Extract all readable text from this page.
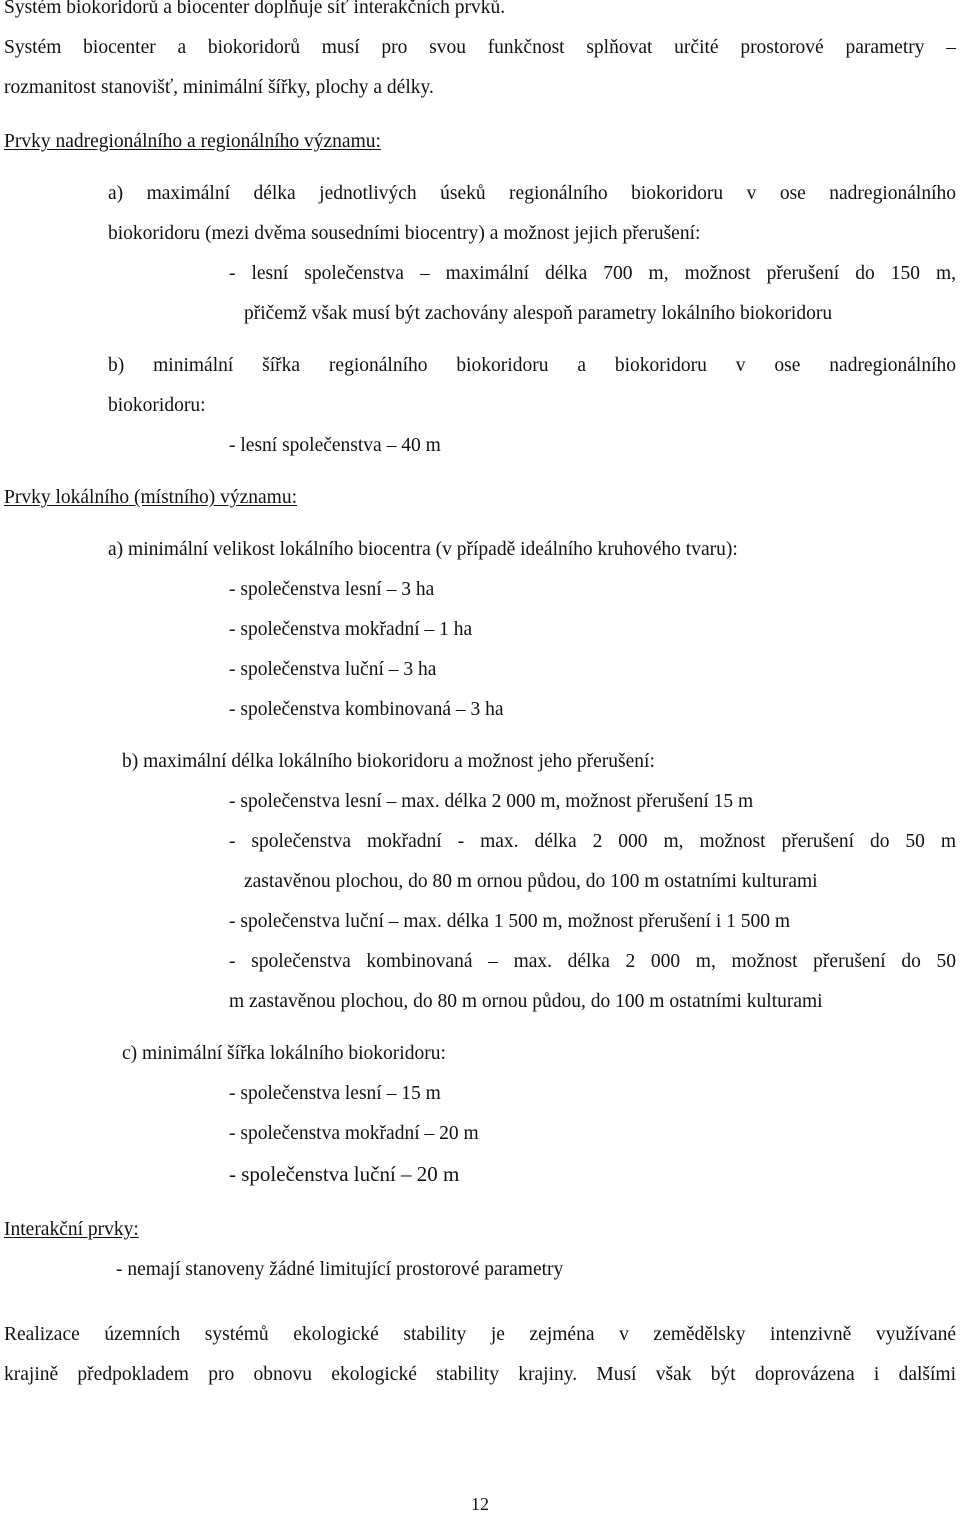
Systém biokoridorů a biocenter doplňuje síť interakčních prvků.

Systém biocenter a biokoridorů musí pro svou funkčnost splňovat určité prostorové parametry –

rozmanitost stanovišť, minimální šířky, plochy a délky.

Prvky nadregionálního a regionálního významu:

a) maximální délka jednotlivých úseků regionálního biokoridoru v ose nadregionálního

biokoridoru (mezi dvěma sousedními biocentry) a možnost jejich přerušení:

- lesní společenstva – maximální délka 700 m, možnost přerušení do 150 m,

přičemž však musí být zachovány alespoň parametry lokálního biokoridoru

b) minimální šířka regionálního biokoridoru a biokoridoru v ose nadregionálního

biokoridoru:

- lesní společenstva – 40 m

Prvky lokálního (místního) významu:

a) minimální velikost lokálního biocentra (v případě ideálního kruhového tvaru):

- společenstva lesní – 3 ha

- společenstva mokřadní – 1 ha

- společenstva luční – 3 ha

- společenstva kombinovaná – 3 ha

b) maximální délka lokálního biokoridoru a možnost jeho přerušení:

- společenstva lesní – max. délka 2 000 m, možnost přerušení 15 m

- společenstva mokřadní - max. délka 2 000 m, možnost přerušení do 50 m

zastavěnou plochou, do 80 m ornou půdou, do 100 m ostatními kulturami

- společenstva luční – max. délka 1 500 m, možnost přerušení i 1 500 m

- společenstva kombinovaná – max. délka 2 000 m, možnost přerušení do 50

m zastavěnou plochou, do 80 m ornou půdou, do 100 m ostatními kulturami

c) minimální šířka lokálního biokoridoru:

- společenstva lesní – 15 m

- společenstva mokřadní – 20 m

- společenstva luční – 20 m

Interakční prvky:

- nemají stanoveny žádné limitující prostorové parametry

Realizace územních systémů ekologické stability je zejména v zemědělsky intenzivně využívané

krajině předpokladem pro obnovu ekologické stability krajiny. Musí však být doprovázena i dalšími

12
